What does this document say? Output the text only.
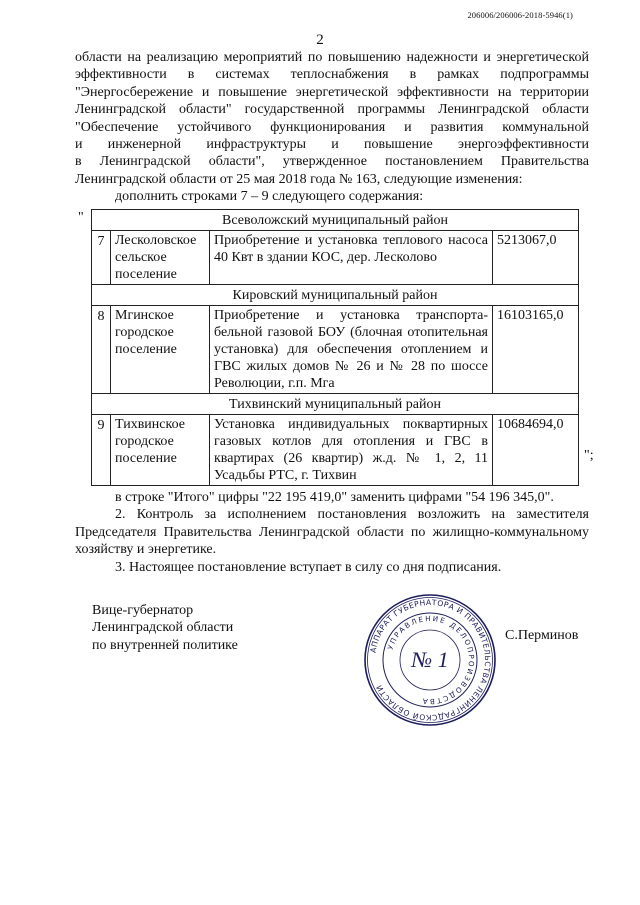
206006/206006-2018-5946(1)
2
области на реализацию мероприятий по повышению надежности и энергетической
эффективности в системах теплоснабжения в рамках подпрограммы
"Энергосбережение и повышение энергетической эффективности на территории
Ленинградской области" государственной программы Ленинградской области
"Обеспечение устойчивого функционирования и развития коммунальной
и инженерной инфраструктуры и повышение энергоэффективности
в Ленинградской области", утвержденное постановлением Правительства
Ленинградской области от 25 мая 2018 года № 163, следующие изменения:
дополнить строками 7 – 9 следующего содержания:
"	Всеволожский муниципальный район			
7	Лесколовское сельское поселение	Приобретение и установка теплового насоса 40 Квт в здании КОС, дер. Лесколово	5213067,0
Кировский муниципальный район			
8	Мгинское городское поселение	Приобретение и установка транспорта-бельной газовой БОУ (блочная отопительная установка) для обеспечения отоплением и ГВС жилых домов № 26 и № 28 по шоссе Революции, г.п. Мга	16103165,0
Тихвинский муниципальный район			
9	Тихвинское городское поселение	Установка индивидуальных поквартирных газовых котлов для отопления и ГВС в квартирах (26 квартир) ж.д. № 1, 2, 11 Усадьбы РТС, г. Тихвин	10684694,0
";

в строке "Итого" цифры "22 195 419,0" заменить цифрами "54 196 345,0".

2. Контроль за исполнением постановления возложить на заместителя Председателя Правительства Ленинградской области по жилищно-коммунальному хозяйству и энергетике.

3. Настоящее постановление вступает в силу со дня подписания.

Вице-губернатор
Ленинградской области
по внутренней политике	АППАРАТ ГУБЕРНАТОРА И ПРАВИТЕЛЬСТВА ЛЕНИНГРАДСКОЙ ОБЛАСТИ
УПРАВЛЕНИЕ ДЕЛОПРОИЗВОДСТВА
№ 1
С.Перминов
